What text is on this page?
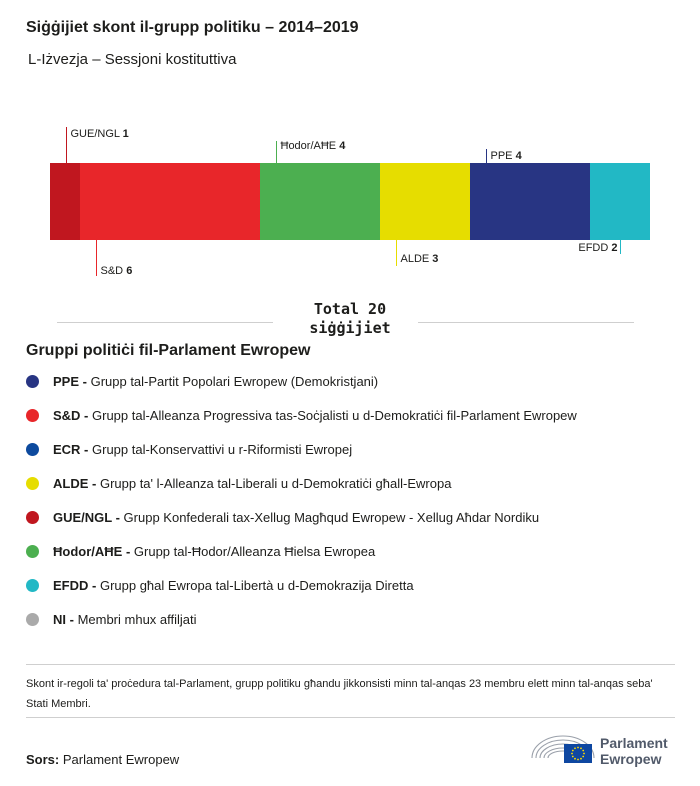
Siġġijiet skont il-grupp politiku – 2014–2019
L-Iżvezja – Sessjoni kostituttiva
GUE/NGL 1
S&D 6
Ħodor/AĦE 4
ALDE 3
PPE 4
EFDD 2
Total 20
siġġijiet
Gruppi politiċi fil-Parlament Ewropew
PPE - Grupp tal-Partit Popolari Ewropew (Demokristjani)
S&D - Grupp tal-Alleanza Progressiva tas-Soċjalisti u d-Demokratiċi fil-Parlament Ewropew
ECR - Grupp tal-Konservattivi u r-Riformisti Ewropej
ALDE - Grupp ta' l-Alleanza tal-Liberali u d-Demokratiċi għall-Ewropa
GUE/NGL - Grupp Konfederali tax-Xellug Magħqud Ewropew - Xellug Aħdar Nordiku
Ħodor/AĦE - Grupp tal-Ħodor/Alleanza Ħielsa Ewropea
EFDD - Grupp għal Ewropa tal-Libertà u d-Demokrazija Diretta
NI - Membri mhux affiljati
Skont ir-regoli ta' proċedura tal-Parlament, grupp politiku għandu jikkonsisti minn tal-anqas 23 membru elett minn tal-anqas seba' Stati Membri.
Sors: Parlament Ewropew
Parlament
Ewropew
